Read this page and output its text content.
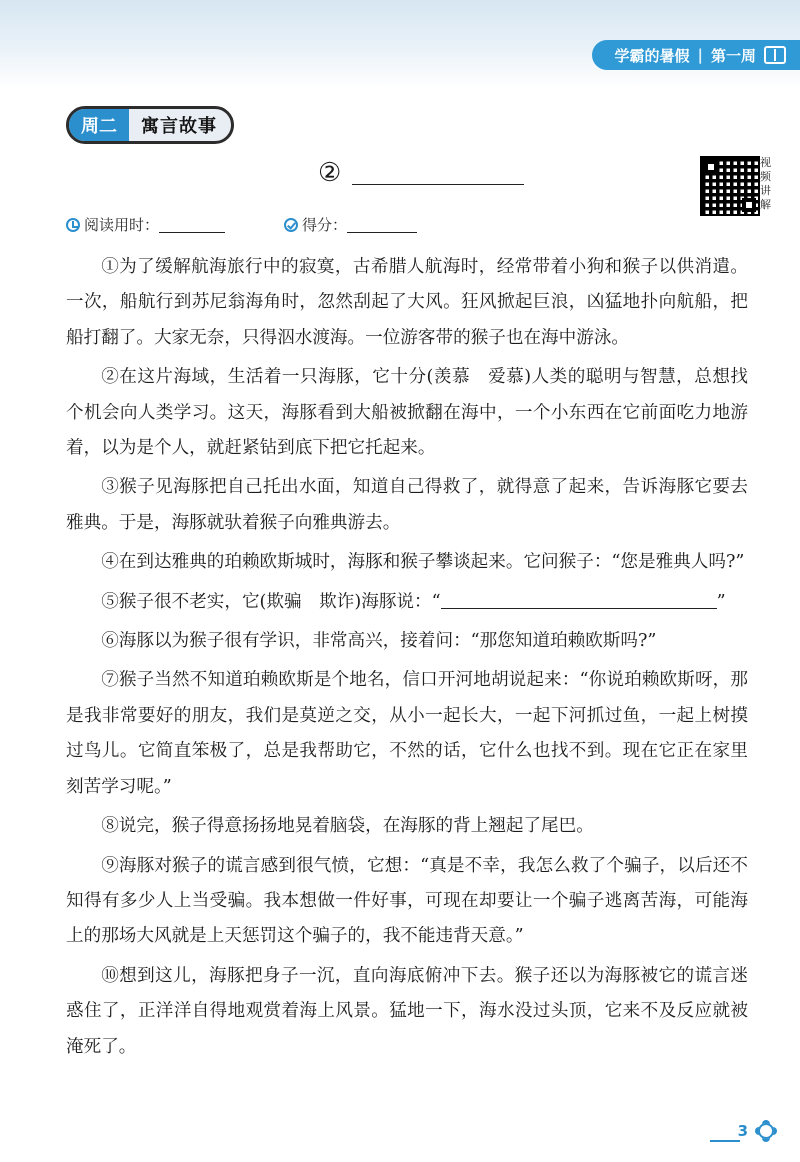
学霸的暑假 | 第一周
周二	寓言故事
②	视
频
讲
解
阅读用时：	得分：

①为了缓解航海旅行中的寂寞，古希腊人航海时，经常带着小狗和猴子以供消遣。一次，船航行到苏尼翁海角时，忽然刮起了大风。狂风掀起巨浪，凶猛地扑向航船，把船打翻了。大家无奈，只得泅水渡海。一位游客带的猴子也在海中游泳。

②在这片海域，生活着一只海豚，它十分(羡慕　爱慕)人类的聪明与智慧，总想找个机会向人类学习。这天，海豚看到大船被掀翻在海中，一个小东西在它前面吃力地游着，以为是个人，就赶紧钻到底下把它托起来。

③猴子见海豚把自己托出水面，知道自己得救了，就得意了起来，告诉海豚它要去雅典。于是，海豚就驮着猴子向雅典游去。

④在到达雅典的珀赖欧斯城时，海豚和猴子攀谈起来。它问猴子：“您是雅典人吗?”

⑤猴子很不老实，它(欺骗　欺诈)海豚说：“	”

⑥海豚以为猴子很有学识，非常高兴，接着问：“那您知道珀赖欧斯吗?”

⑦猴子当然不知道珀赖欧斯是个地名，信口开河地胡说起来：“你说珀赖欧斯呀，那是我非常要好的朋友，我们是莫逆之交，从小一起长大，一起下河抓过鱼，一起上树摸过鸟儿。它简直笨极了，总是我帮助它，不然的话，它什么也找不到。现在它正在家里刻苦学习呢。”

⑧说完，猴子得意扬扬地晃着脑袋，在海豚的背上翘起了尾巴。

⑨海豚对猴子的谎言感到很气愤，它想：“真是不幸，我怎么救了个骗子，以后还不知得有多少人上当受骗。我本想做一件好事，可现在却要让一个骗子逃离苦海，可能海上的那场大风就是上天惩罚这个骗子的，我不能违背天意。”

⑩想到这儿，海豚把身子一沉，直向海底俯冲下去。猴子还以为海豚被它的谎言迷惑住了，正洋洋自得地观赏着海上风景。猛地一下，海水没过头顶，它来不及反应就被淹死了。

3
